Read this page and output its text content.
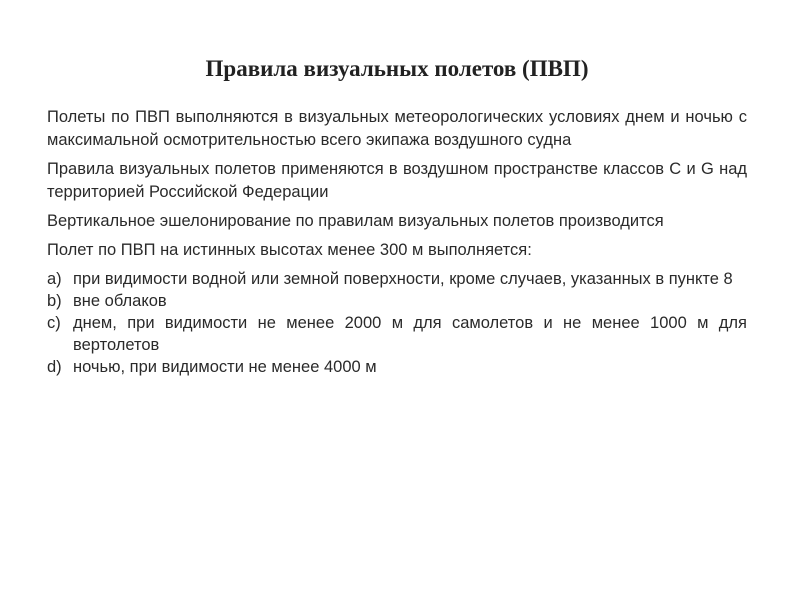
Правила визуальных полетов (ПВП)

Полеты по ПВП выполняются в визуальных метеорологических условиях днем и ночью с максимальной осмотрительностью всего экипажа воздушного судна

Правила визуальных полетов применяются в воздушном пространстве классов С и G над территорией Российской Федерации

Вертикальное эшелонирование по правилам визуальных полетов производится

Полет по ПВП на истинных высотах менее 300 м выполняется:

a) при видимости водной или земной поверхности, кроме случаев, указанных в пункте 8
b) вне облаков
c) днем, при видимости не менее 2000 м для самолетов и не менее 1000 м для вертолетов
d) ночью, при видимости не менее 4000 м
